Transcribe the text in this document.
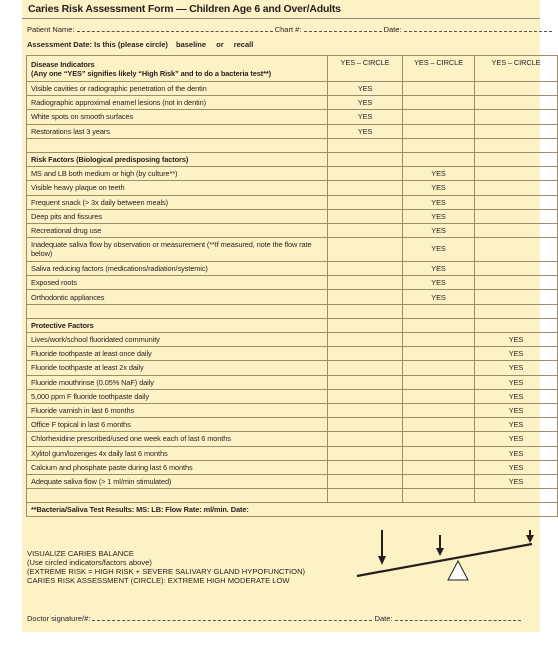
Caries Risk Assessment Form — Children Age 6 and Over/Adults
Patient Name:	Chart #:	Date:
Assessment Date: Is this (please circle) baseline or recall
Disease Indicators
(Any one “YES” signifies likely “High Risk” and to do a bacteria test**)	YES – CIRCLE	YES – CIRCLE	YES – CIRCLE
Visible cavities or radiographic penetration of the dentin	YES		
Radiographic approximal enamel lesions (not in dentin)	YES		
White spots on smooth surfaces	YES		
Restorations last 3 years	YES		

Risk Factors (Biological predisposing factors)			
MS and LB both medium or high (by culture**)		YES	
Visible heavy plaque on teeth		YES	
Frequent snack (> 3x daily between meals)		YES	
Deep pits and fissures		YES	
Recreational drug use		YES	
Inadequate saliva flow by observation or measurement (**If measured, note the flow rate below)		YES	
Saliva reducing factors (medications/radiation/systemic)		YES	
Exposed roots		YES	
Orthodontic appliances		YES	

Protective Factors			
Lives/work/school fluoridated community			YES
Fluoride toothpaste at least once daily			YES
Fluoride toothpaste at least 2x daily			YES
Fluoride mouthrinse (0.05% NaF) daily			YES
5,000 ppm F fluoride toothpaste daily			YES
Fluoride varnish in last 6 months			YES
Office F topical in last 6 months			YES
Chlorhexidine prescribed/used one week each of last 6 months			YES
Xylitol gum/lozenges 4x daily last 6 months			YES
Calcium and phosphate paste during last 6 months			YES
Adequate saliva flow (> 1 ml/min stimulated)			YES

**Bacteria/Saliva Test Results: MS: LB: Flow Rate: ml/min. Date:			
VISUALIZE CARIES BALANCE
(Use circled indicators/factors above)
(EXTREME RISK = HIGH RISK + SEVERE SALIVARY GLAND HYPOFUNCTION)
CARIES RISK ASSESSMENT (CIRCLE): EXTREME HIGH MODERATE LOW
Doctor signature/#:	Date:
